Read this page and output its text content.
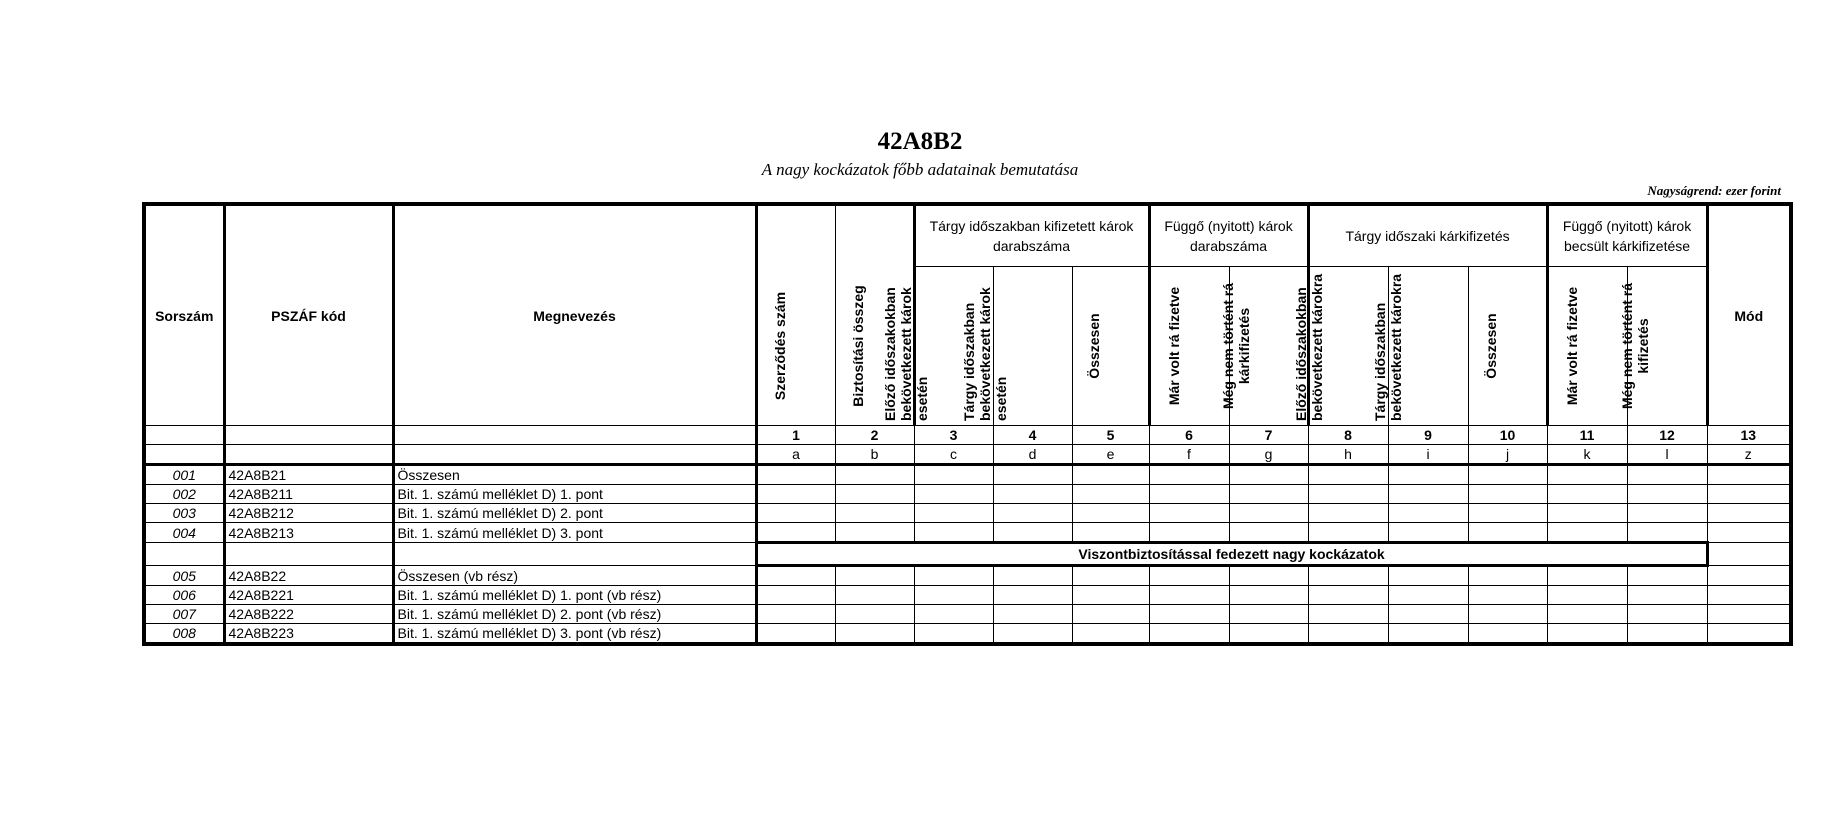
42A8B2
A nagy kockázatok főbb adatainak bemutatása
Nagyságrend: ezer forint
Sorszám	PSZÁF kód	Megnevezés	Szerződés szám	Biztosítási összeg	Tárgy időszakban kifizetett károk darabszáma			Függő (nyitott) károk darabszáma		Tárgy időszaki kárkifizetés			Függő (nyitott) károk becsült kárkifizetése		Mód

					Előző időszakokban bekövetkezett károk esetén	Tárgy időszakban bekövetkezett károk esetén	Összesen	Már volt rá fizetve	Még nem történt rá kárkifizetés	Előző időszakokban bekövetkezett károkra	Tárgy időszakban bekövetkezett károkra	Összesen	Már volt rá fizetve	Még nem történt rá kifizetés	

			1	2	3	4	5	6	7	8	9	10	11	12	13
			a	b	c	d	e	f	g	h	i	j	k	l	z
001	42A8B21	Összesen													
002	42A8B211	Bit. 1. számú melléklet D) 1. pont													
003	42A8B212	Bit. 1. számú melléklet D) 2. pont													
004	42A8B213	Bit. 1. számú melléklet D) 3. pont													
			Viszontbiztosítással fedezett nagy kockázatok												
005	42A8B22	Összesen (vb rész)													
006	42A8B221	Bit. 1. számú melléklet D) 1. pont (vb rész)													
007	42A8B222	Bit. 1. számú melléklet D) 2. pont (vb rész)													
008	42A8B223	Bit. 1. számú melléklet D) 3. pont (vb rész)													
